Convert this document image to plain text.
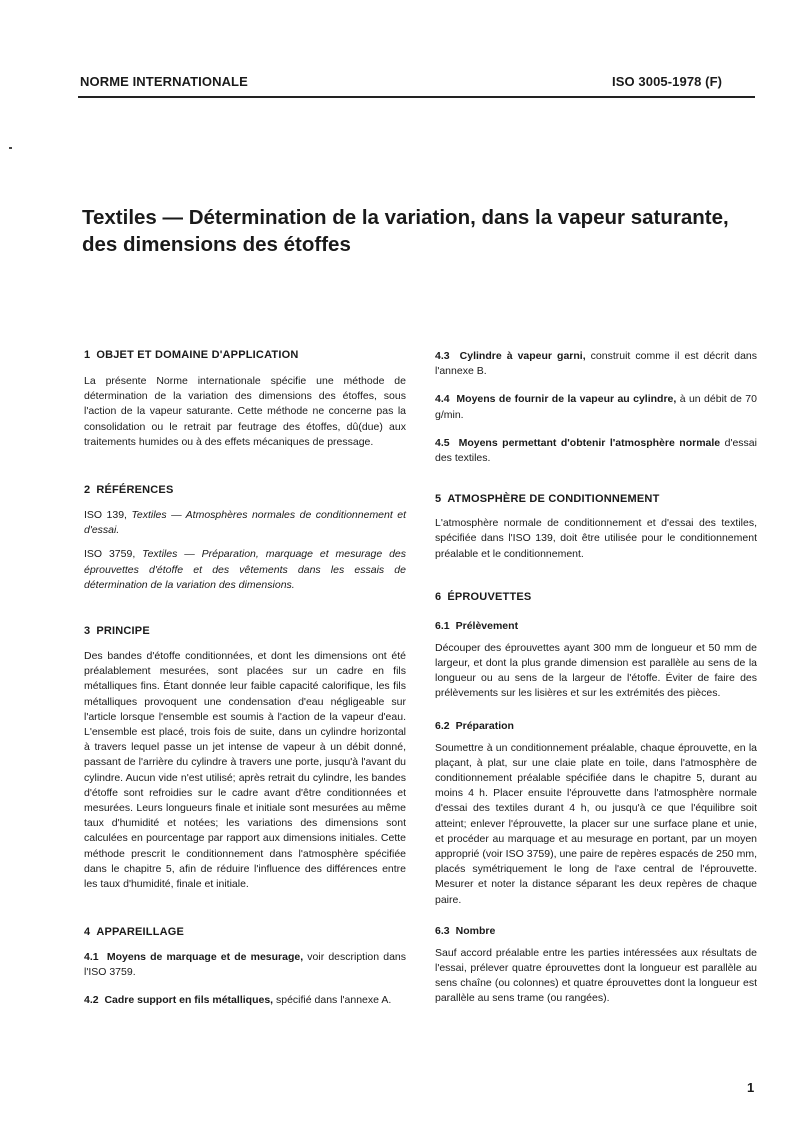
NORME INTERNATIONALE	ISO 3005-1978 (F)
Textiles — Détermination de la variation, dans la vapeur saturante, des dimensions des étoffes
1 OBJET ET DOMAINE D'APPLICATION

La présente Norme internationale spécifie une méthode de détermination de la variation des dimensions des étoffes, sous l'action de la vapeur saturante. Cette méthode ne concerne pas la consolidation ou le retrait par feutrage des étoffes, dû(due) aux traitements humides ou à des effets mécaniques de pressage.

2 RÉFÉRENCES

ISO 139, Textiles — Atmosphères normales de conditionnement et d'essai.

ISO 3759, Textiles — Préparation, marquage et mesurage des éprouvettes d'étoffe et des vêtements dans les essais de détermination de la variation des dimensions.

3 PRINCIPE

Des bandes d'étoffe conditionnées, et dont les dimensions ont été préalablement mesurées, sont placées sur un cadre en fils métalliques fins. Étant donnée leur faible capacité calorifique, les fils métalliques provoquent une condensation d'eau négligeable sur l'article lorsque l'ensemble est soumis à l'action de la vapeur d'eau. L'ensemble est placé, trois fois de suite, dans un cylindre horizontal à travers lequel passe un jet intense de vapeur à un débit donné, passant de l'arrière du cylindre à travers une porte, jusqu'à l'avant du cylindre. Aucun vide n'est utilisé; après retrait du cylindre, les bandes d'étoffe sont refroidies sur le cadre avant d'être conditionnées et mesurées. Leurs longueurs finale et initiale sont mesurées au même taux d'humidité et notées; les variations des dimensions sont calculées en pourcentage par rapport aux dimensions initiales. Cette méthode prescrit le conditionnement dans l'atmosphère spécifiée dans le chapitre 5, afin de réduire l'influence des différences entre les taux d'humidité, finale et initiale.

4 APPAREILLAGE

4.1 Moyens de marquage et de mesurage, voir description dans l'ISO 3759.

4.2 Cadre support en fils métalliques, spécifié dans l'annexe A.

4.3 Cylindre à vapeur garni, construit comme il est décrit dans l'annexe B.

4.4 Moyens de fournir de la vapeur au cylindre, à un débit de 70 g/min.

4.5 Moyens permettant d'obtenir l'atmosphère normale d'essai des textiles.

5 ATMOSPHÈRE DE CONDITIONNEMENT

L'atmosphère normale de conditionnement et d'essai des textiles, spécifiée dans l'ISO 139, doit être utilisée pour le conditionnement préalable et le conditionnement.

6 ÉPROUVETTES
6.1 Prélèvement

Découper des éprouvettes ayant 300 mm de longueur et 50 mm de largeur, et dont la plus grande dimension est parallèle au sens de la longueur ou au sens de la largeur de l'étoffe. Éviter de faire des prélèvements sur les lisières et sur les extrémités des pièces.

6.2 Préparation

Soumettre à un conditionnement préalable, chaque éprouvette, en la plaçant, à plat, sur une claie plate en toile, dans l'atmosphère de conditionnement préalable spécifiée dans le chapitre 5, durant au moins 4 h. Placer ensuite l'éprouvette dans l'atmosphère normale d'essai des textiles durant 4 h, ou jusqu'à ce que l'équilibre soit atteint; enlever l'éprouvette, la placer sur une surface plane et unie, et procéder au marquage et au mesurage en portant, par un moyen approprié (voir ISO 3759), une paire de repères espacés de 250 mm, placés symétriquement le long de l'axe central de l'éprouvette. Mesurer et noter la distance séparant les deux repères de chaque paire.

6.3 Nombre

Sauf accord préalable entre les parties intéressées aux résultats de l'essai, prélever quatre éprouvettes dont la longueur est parallèle au sens chaîne (ou colonnes) et quatre éprouvettes dont la longueur est parallèle au sens trame (ou rangées).

1
